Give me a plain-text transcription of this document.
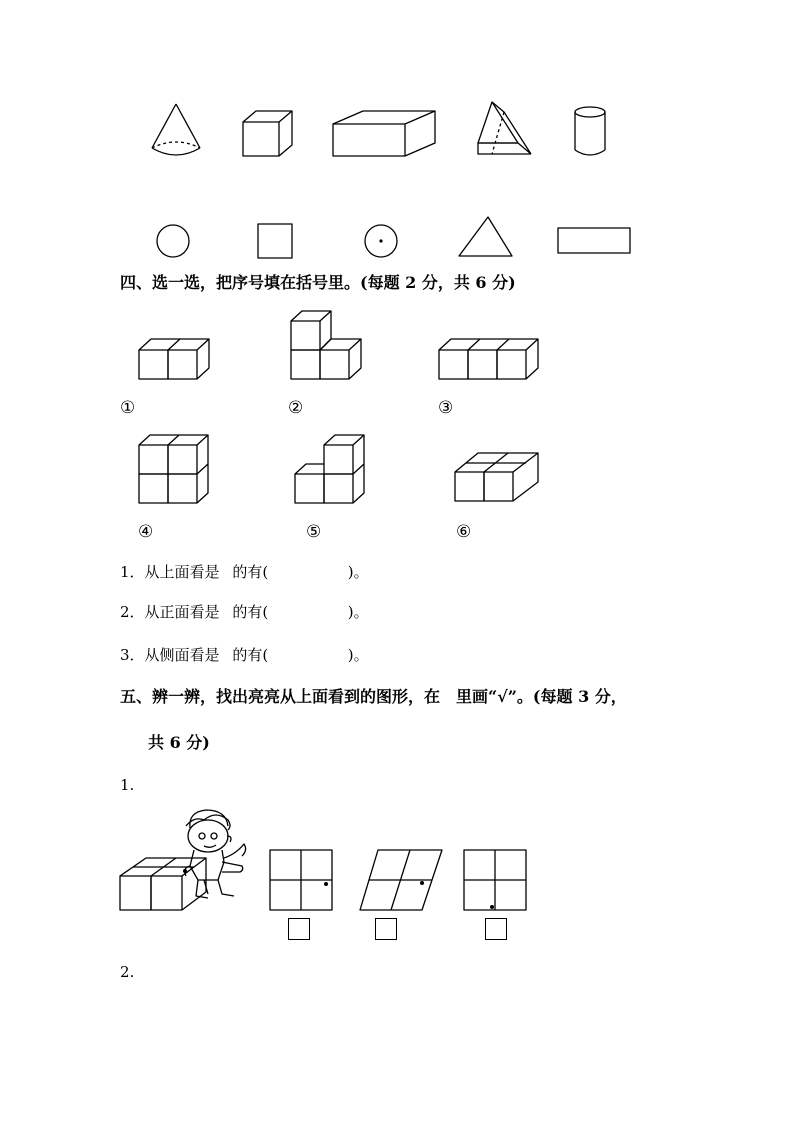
四、选一选，把序号填在括号里。(每题 2 分，共 6 分)
①	②	③
④	⑤	⑥
1．从上面看是 的有(	)。
2．从正面看是 的有(	)。
3．从侧面看是 的有(	)。
五、辨一辨，找出亮亮从上面看到的图形，在　里画“√”。(每题 3 分，
共 6 分)
1.
2.
